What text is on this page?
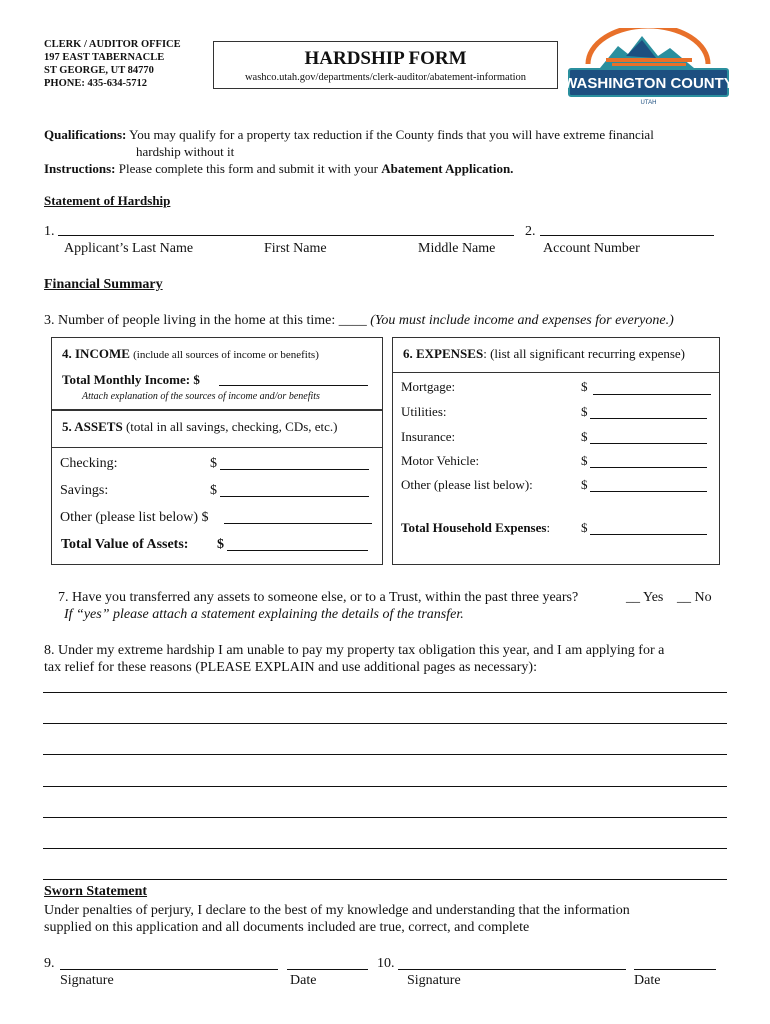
CLERK / AUDITOR OFFICE
197 EAST TABERNACLE
ST GEORGE, UT 84770
PHONE: 435-634-5712
HARDSHIP FORM
washco.utah.gov/departments/clerk-auditor/abatement-information	WASHINGTON COUNTY
UTAH
Qualifications: You may qualify for a property tax reduction if the County finds that you will have extreme financial
hardship without it
Instructions: Please complete this form and submit it with your Abatement Application.
Statement of Hardship
1.	2.
Applicant’s Last Name	First Name	Middle Name	Account Number
Financial Summary
3. Number of people living in the home at this time: ____ (You must include income and expenses for everyone.)
4. INCOME (include all sources of income or benefits)
Total Monthly Income: $
Attach explanation of the sources of income and/or benefits
5. ASSETS (total in all savings, checking, CDs, etc.)
Checking:	$
Savings:	$
Other (please list below) $
Total Value of Assets: $
6. EXPENSES: (list all significant recurring expense)
Mortgage:	$
Utilities:	$
Insurance:	$
Motor Vehicle:	$
Other (please list below):	$
Total Household Expenses: $
7. Have you transferred any assets to someone else, or to a Trust, within the past three years?	__ Yes __ No
If “yes” please attach a statement explaining the details of the transfer.
8. Under my extreme hardship I am unable to pay my property tax obligation this year, and I am applying for a
tax relief for these reasons (PLEASE EXPLAIN and use additional pages as necessary):
Sworn Statement
Under penalties of perjury, I declare to the best of my knowledge and understanding that the information
supplied on this application and all documents included are true, correct, and complete
9.	10.
Signature	Date	Signature	Date
